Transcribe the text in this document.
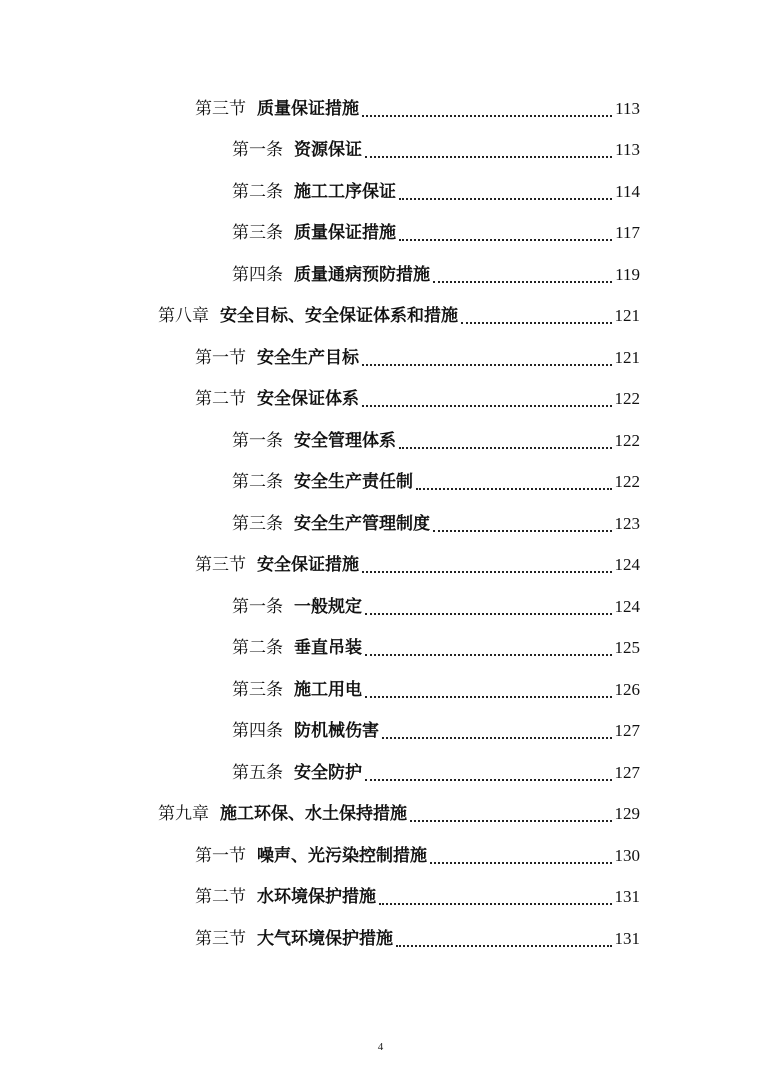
第三节 质量保证措施	113
第一条 资源保证	113
第二条 施工工序保证	114
第三条 质量保证措施	117
第四条 质量通病预防措施	119
第八章 安全目标、安全保证体系和措施	121
第一节 安全生产目标	121
第二节 安全保证体系	122
第一条 安全管理体系	122
第二条 安全生产责任制	122
第三条 安全生产管理制度	123
第三节 安全保证措施	124
第一条 一般规定	124
第二条 垂直吊装	125
第三条 施工用电	126
第四条 防机械伤害	127
第五条 安全防护	127
第九章 施工环保、水土保持措施	129
第一节 噪声、光污染控制措施	130
第二节 水环境保护措施	131
第三节 大气环境保护措施	131
4
